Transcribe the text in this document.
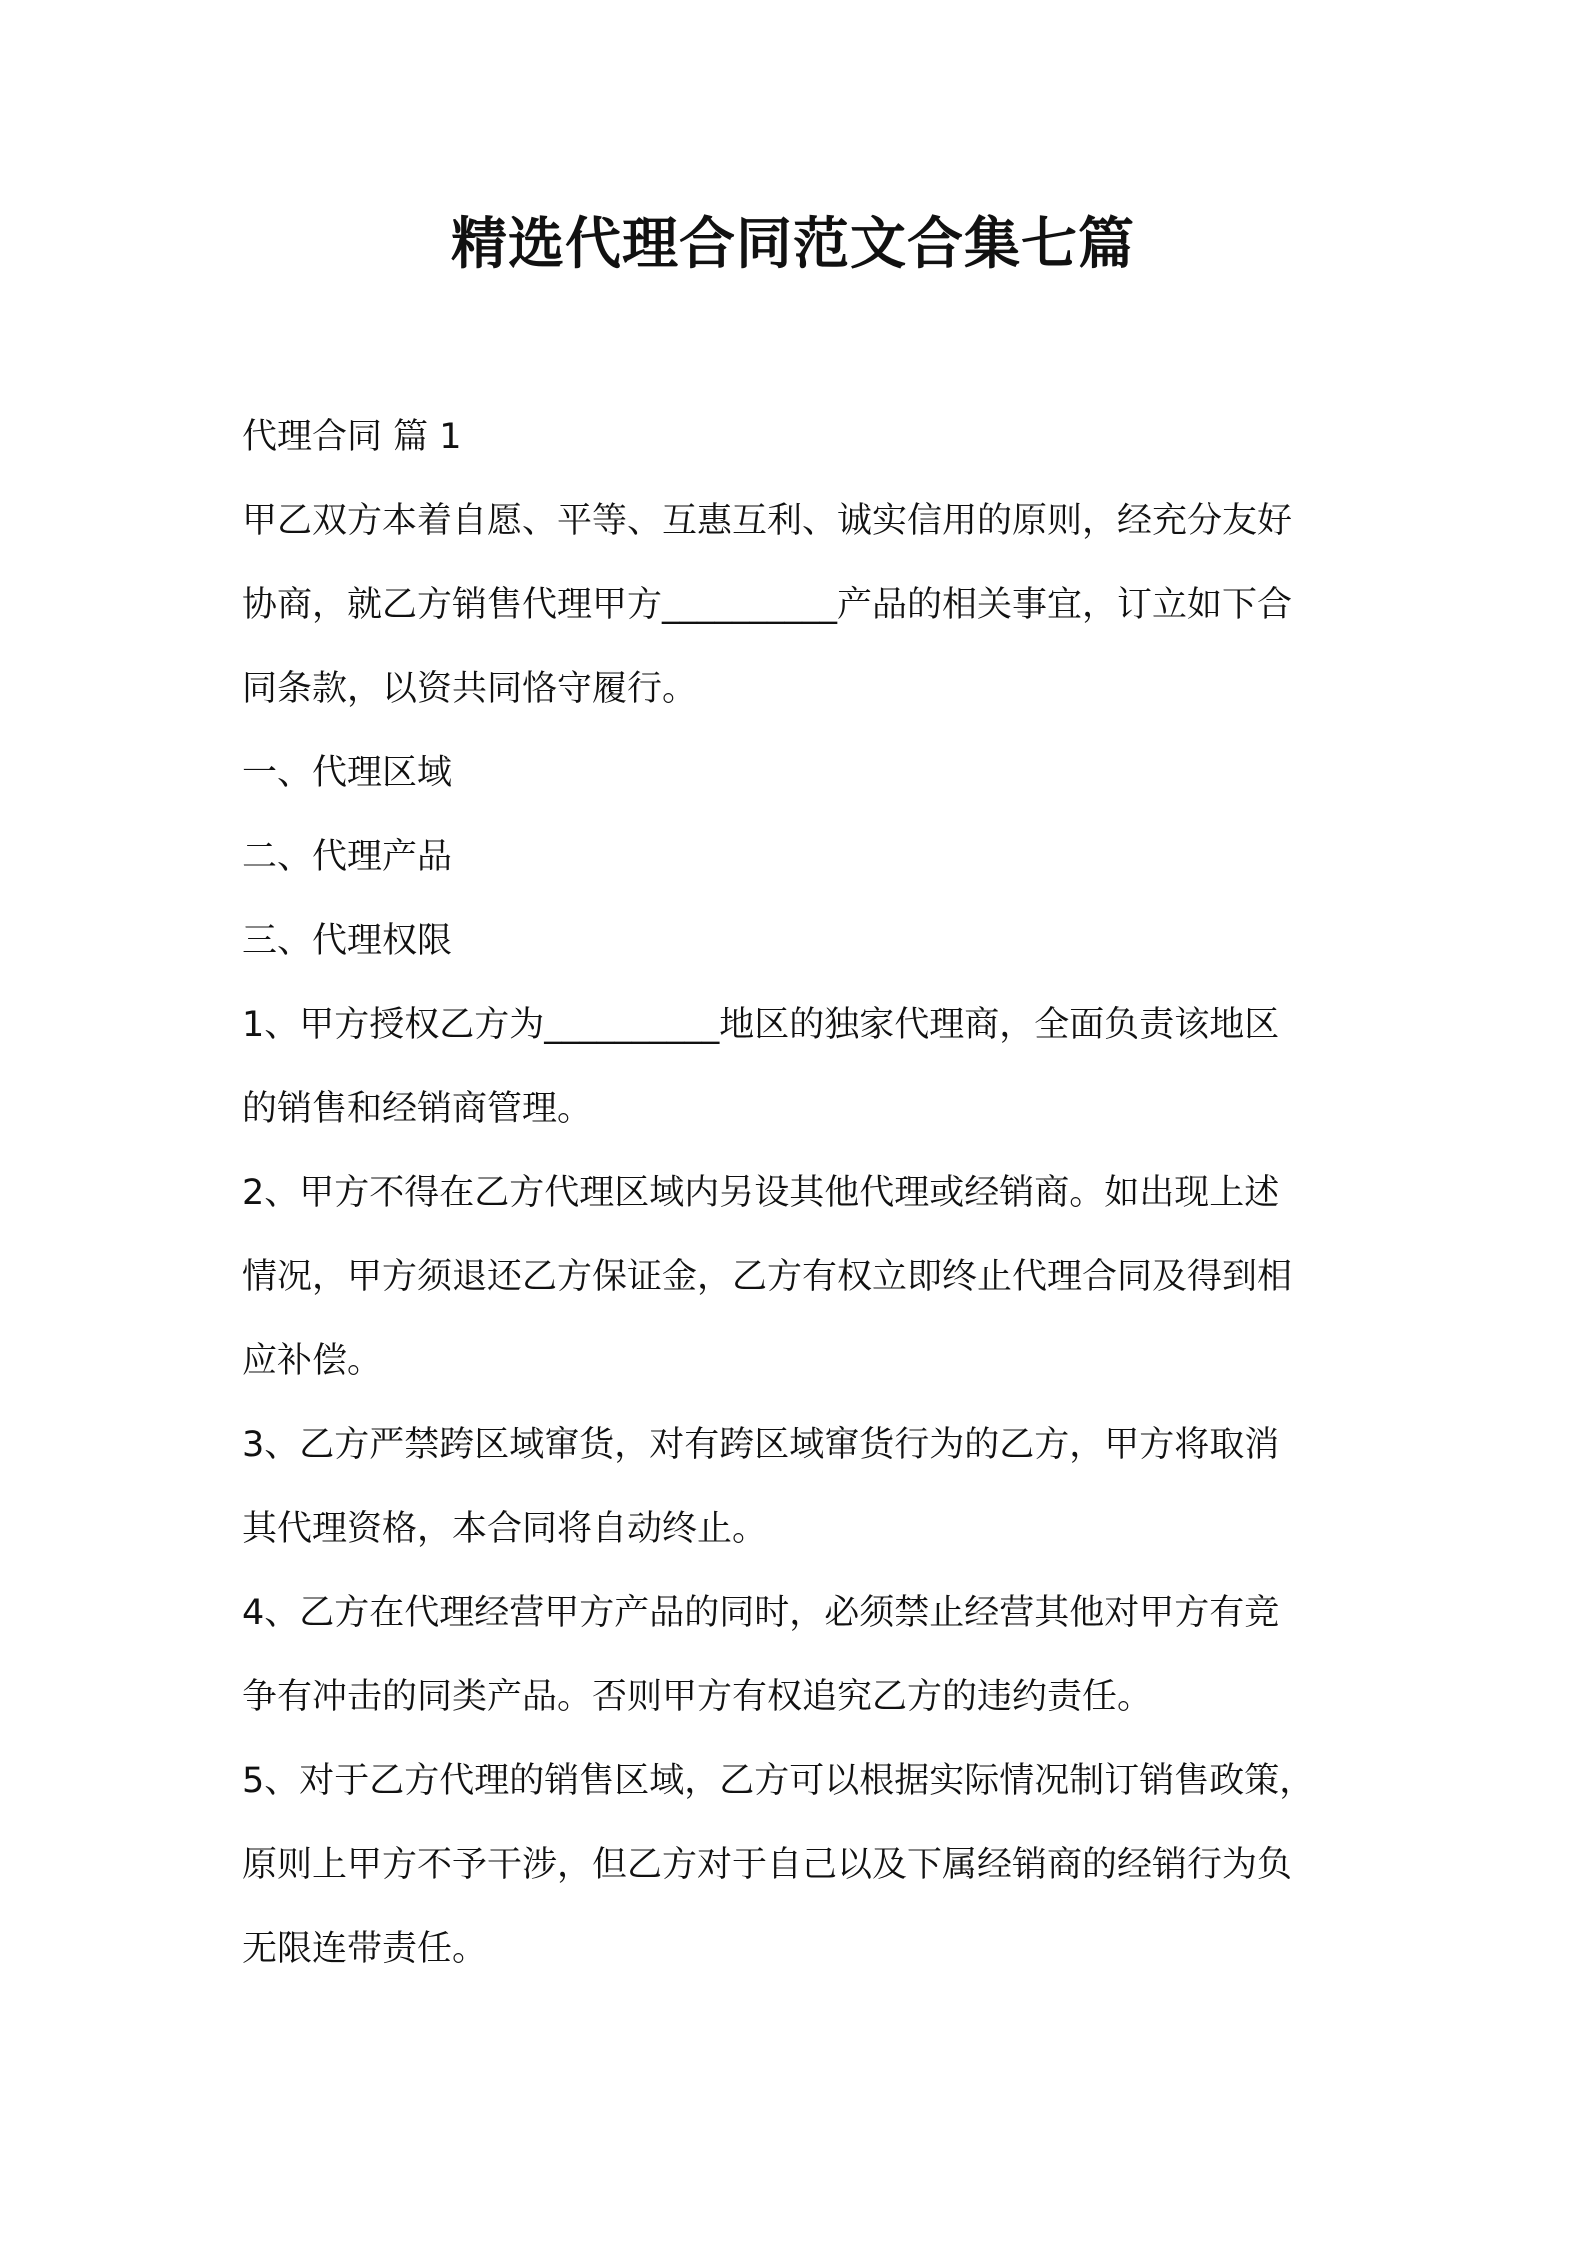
精选代理合同范文合集七篇
代理合同 篇 1
甲乙双方本着自愿、平等、互惠互利、诚实信用的原则，经充分友好
协商，就乙方销售代理甲方__________产品的相关事宜，订立如下合
同条款，以资共同恪守履行。
一、代理区域
二、代理产品
三、代理权限
1、甲方授权乙方为__________地区的独家代理商，全面负责该地区
的销售和经销商管理。
2、甲方不得在乙方代理区域内另设其他代理或经销商。如出现上述
情况，甲方须退还乙方保证金，乙方有权立即终止代理合同及得到相
应补偿。
3、乙方严禁跨区域窜货，对有跨区域窜货行为的乙方，甲方将取消
其代理资格，本合同将自动终止。
4、乙方在代理经营甲方产品的同时，必须禁止经营其他对甲方有竞
争有冲击的同类产品。否则甲方有权追究乙方的违约责任。
5、对于乙方代理的销售区域，乙方可以根据实际情况制订销售政策，
原则上甲方不予干涉，但乙方对于自己以及下属经销商的经销行为负
无限连带责任。
